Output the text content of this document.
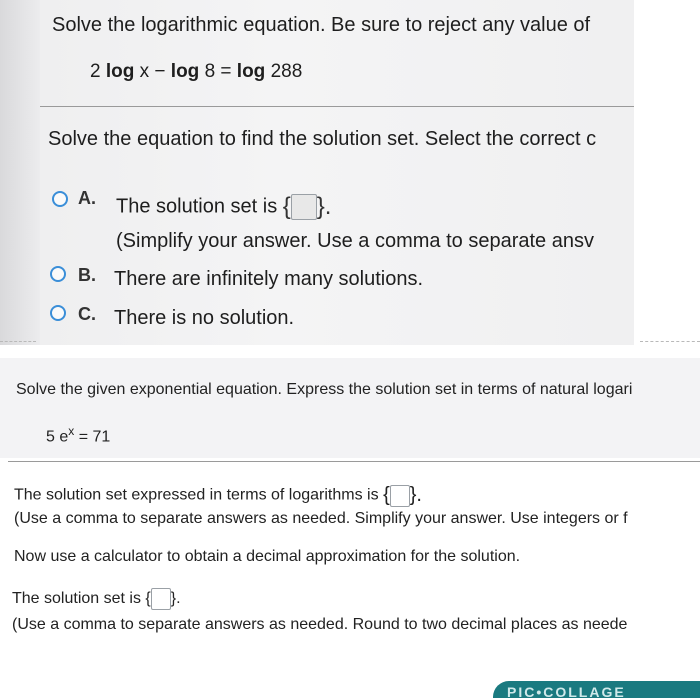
Solve the logarithmic equation. Be sure to reject any value of
2 log x − log 8 = log 288
Solve the equation to find the solution set. Select the correct c
A. The solution set is { }.
(Simplify your answer. Use a comma to separate ansv
B. There are infinitely many solutions.
C. There is no solution.
Solve the given exponential equation. Express the solution set in terms of natural logari
5 $e^x = 71$
The solution set expressed in terms of logarithms is { }.
(Use a comma to separate answers as needed. Simplify your answer. Use integers or f
Now use a calculator to obtain a decimal approximation for the solution.
The solution set is { }.
(Use a comma to separate answers as needed. Round to two decimal places as neede
PIC•COLLAGE
